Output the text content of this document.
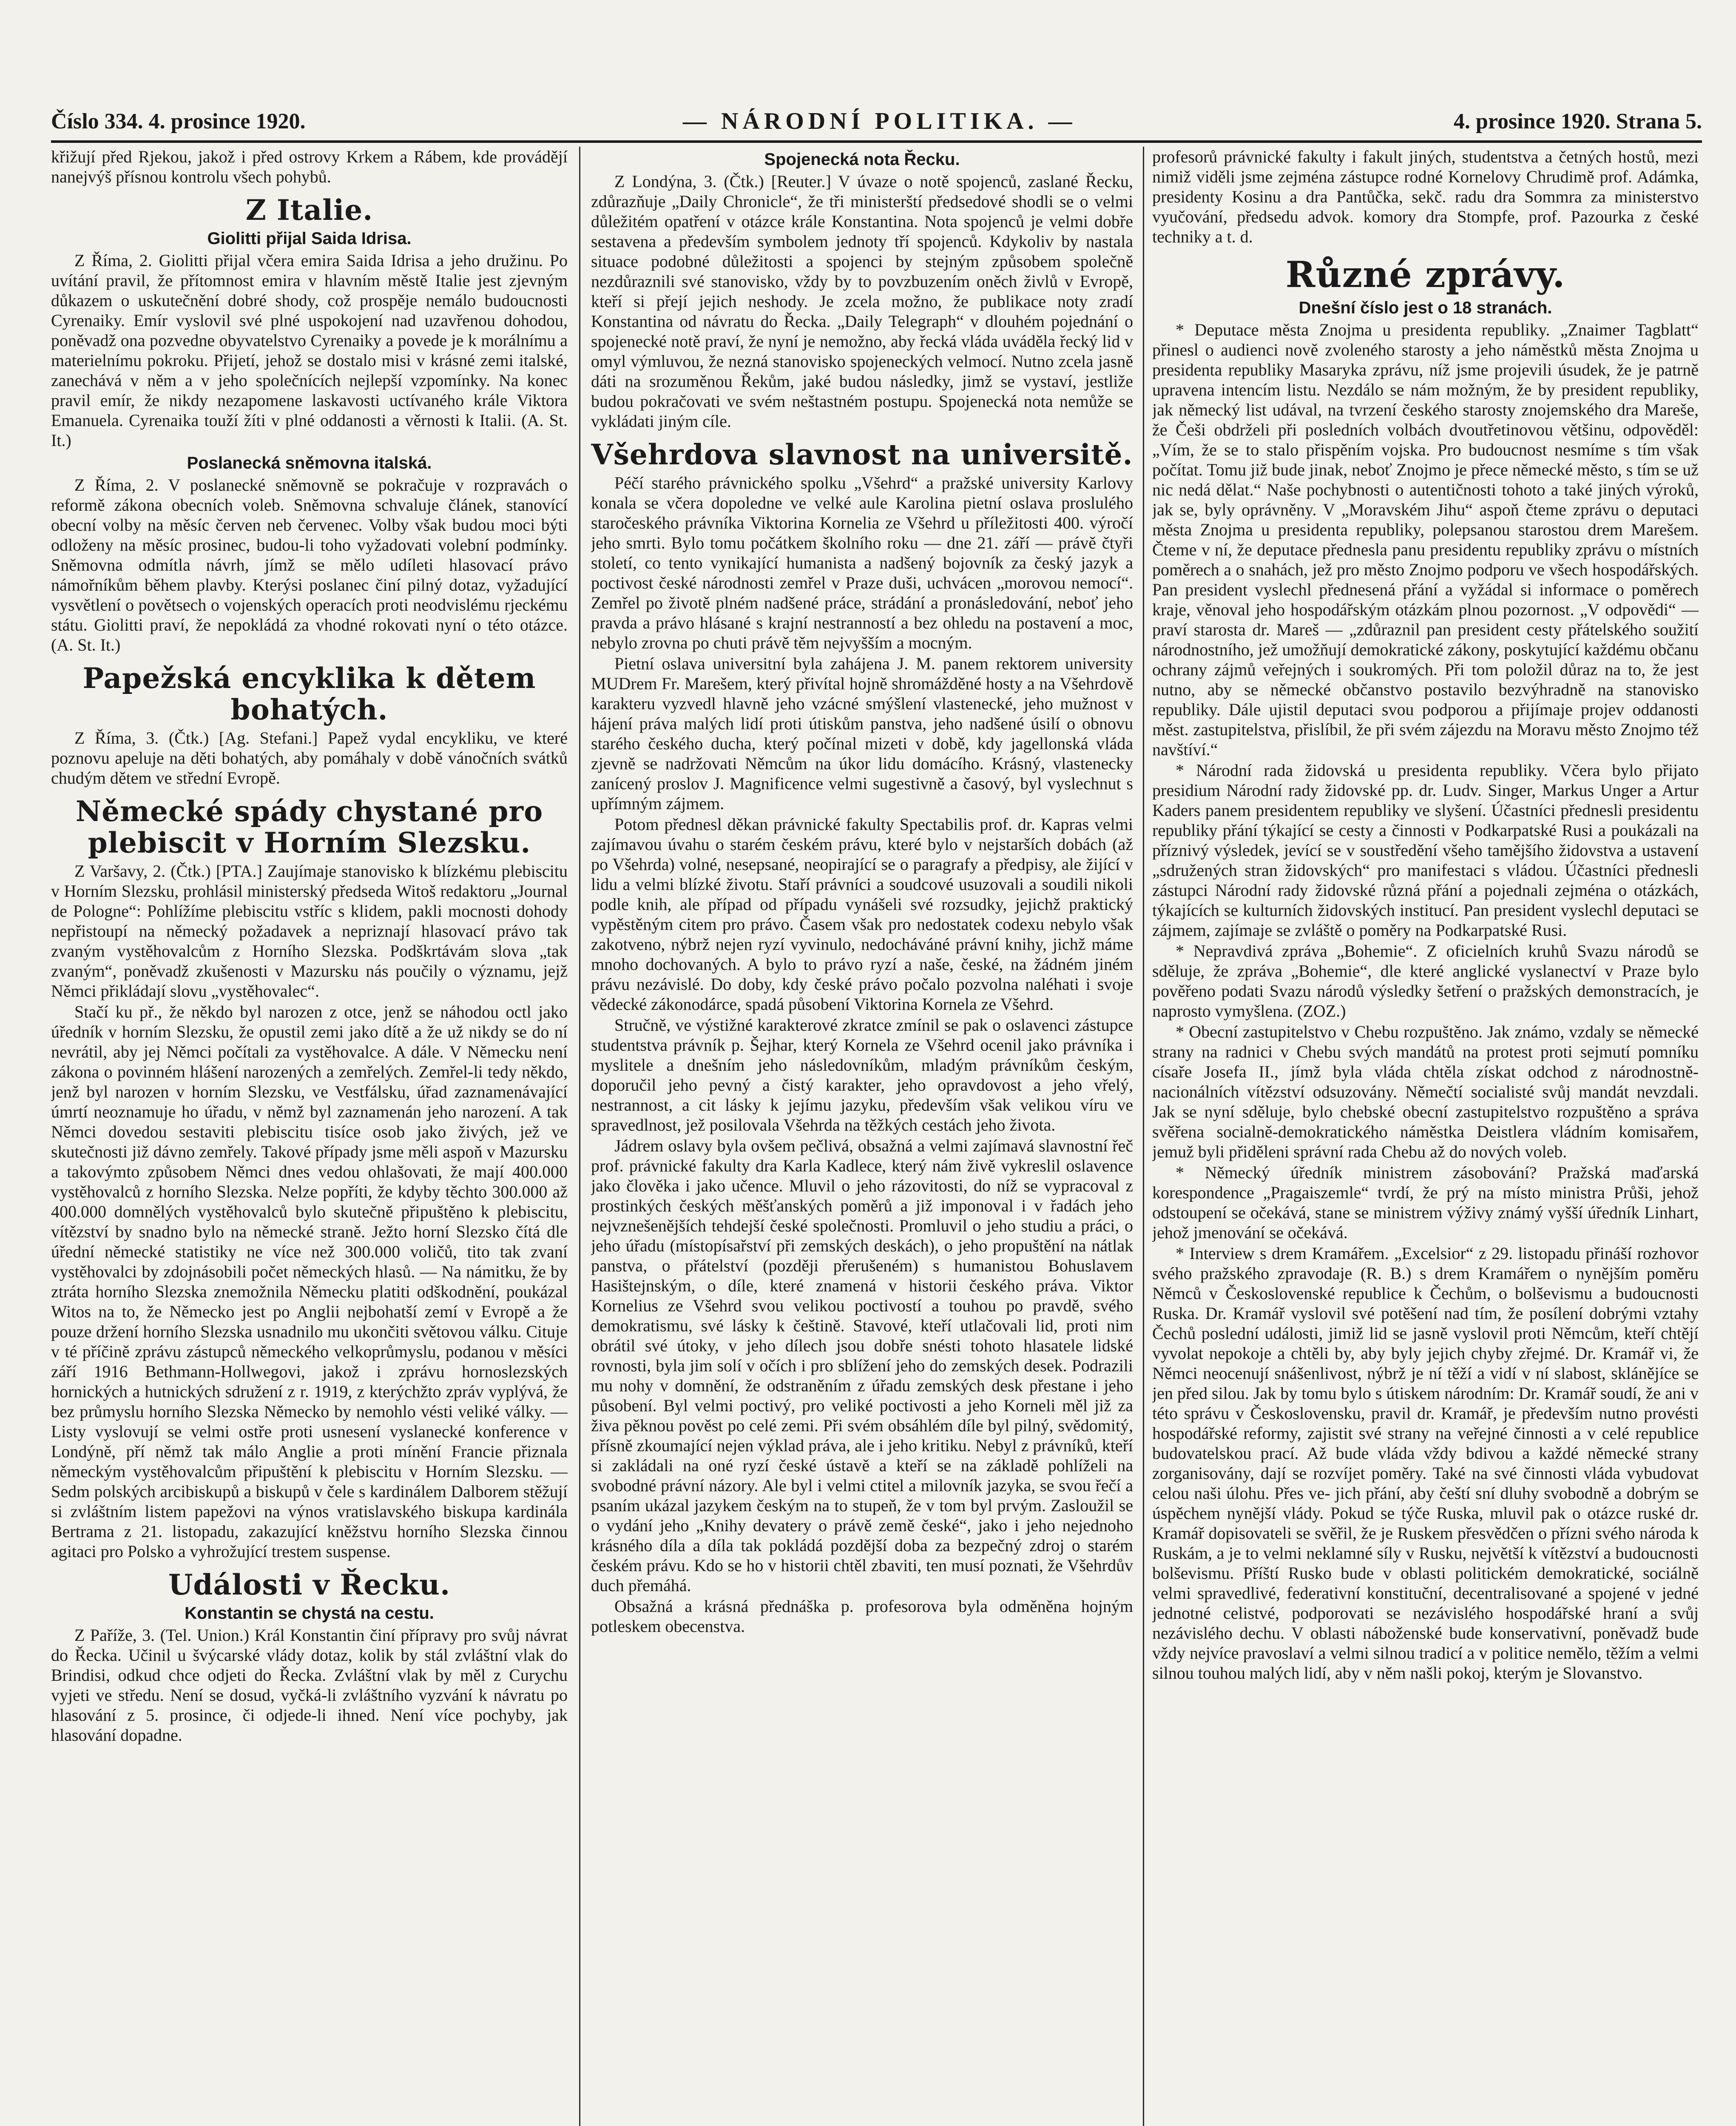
Číslo 334. 4. prosince 1920.	— NÁRODNÍ POLITIKA. —	4. prosince 1920. Strana 5.

křižují před Rjekou, jakož i před ostrovy Krkem a Rábem, kde provádějí nanejvýš přísnou kontrolu všech pohybů.

Z Italie.
Giolitti přijal Saida Idrisa.

Z Říma, 2. Giolitti přijal včera emira Saida Idrisa a jeho družinu. Po uvítání pravil, že přítomnost emira v hlavním městě Italie jest zjevným důkazem o uskutečnění dobré shody, což prospěje nemálo budoucnosti Cyrenaiky. Emír vyslovil své plné uspokojení nad uzavřenou dohodou, poněvadž ona pozvedne obyvatelstvo Cyrenaiky a povede je k morálnímu a materielnímu pokroku. Přijetí, jehož se dostalo misi v krásné zemi italské, zanechává v něm a v jeho společnících nejlepší vzpomínky. Na konec pravil emír, že nikdy nezapomene laskavosti uctívaného krále Viktora Emanuela. Cyrenaika touží žíti v plné oddanosti a věrnosti k Italii. (A. St. It.)

Poslanecká sněmovna italská.

Z Říma, 2. V poslanecké sněmovně se pokračuje v rozpravách o reformě zákona obecních voleb. Sněmovna schvaluje článek, stanovící obecní volby na měsíc červen neb červenec. Volby však budou moci býti odloženy na měsíc prosinec, budou-li toho vyžadovati volební podmínky. Sněmovna odmítla návrh, jímž se mělo udíleti hlasovací právo námořníkům během plavby. Kterýsi poslanec činí pilný dotaz, vyžadující vysvětlení o povětsech o vojenských operacích proti neodvislému rjeckému státu. Giolitti praví, že nepokládá za vhodné rokovati nyní o této otázce. (A. St. It.)

Papežská encyklika k dětem bohatých.

Z Říma, 3. (Čtk.) [Ag. Stefani.] Papež vydal encykliku, ve které poznovu apeluje na děti bohatých, aby pomáhaly v době vánočních svátků chudým dětem ve střední Evropě.

Německé spády chystané pro plebiscit v Horním Slezsku.

Z Varšavy, 2. (Čtk.) [PTA.] Zaujímaje stanovisko k blízkému plebiscitu v Horním Slezsku, prohlásil ministerský předseda Witoš redaktoru „Journal de Pologne“: Pohlížíme plebiscitu vstříc s klidem, pakli mocnosti dohody nepřistoupí na německý požadavek a nepriznají hlasovací právo tak zvaným vystěhovalcům z Horního Slezska. Podškrtávám slova „tak zvaným“, poněvadž zkušenosti v Mazursku nás poučily o významu, jejž Němci přikládají slovu „vystěhovalec“.

Stačí ku př., že někdo byl narozen z otce, jenž se náhodou octl jako úředník v horním Slezsku, že opustil zemi jako dítě a že už nikdy se do ní nevrátil, aby jej Němci počítali za vystěhovalce. A dále. V Německu není zákona o povinném hlášení narozených a zemřelých. Zemřel-li tedy někdo, jenž byl narozen v horním Slezsku, ve Vestfálsku, úřad zaznamenávající úmrtí neoznamuje ho úřadu, v němž byl zaznamenán jeho narození. A tak Němci dovedou sestaviti plebiscitu tisíce osob jako živých, jež ve skutečnosti již dávno zemřely. Takové případy jsme měli aspoň v Mazursku a takovýmto způsobem Němci dnes vedou ohlašovati, že mají 400.000 vystěhovalců z horního Slezska. Nelze popříti, že kdyby těchto 300.000 až 400.000 domnělých vystěhovalců bylo skutečně připuštěno k plebiscitu, vítězství by snadno bylo na německé straně. Ježto horní Slezsko čítá dle úřední německé statistiky ne více než 300.000 voličů, tito tak zvaní vystěhovalci by zdojnásobili počet německých hlasů. — Na námitku, že by ztráta horního Slezska znemožnila Německu platiti odškodnění, poukázal Witos na to, že Německo jest po Anglii nejbohatší zemí v Evropě a že pouze držení horního Slezska usnadnilo mu ukončiti světovou válku. Cituje v té příčině zprávu zástupců německého velkoprůmyslu, podanou v měsíci září 1916 Bethmann-Hollwegovi, jakož i zprávu hornoslezských hornických a hutnických sdružení z r. 1919, z kterýchžto zpráv vyplývá, že bez průmyslu horního Slezska Německo by nemohlo vésti veliké války. — Listy vyslovují se velmi ostře proti usnesení vyslanecké konference v Londýně, pří němž tak málo Anglie a proti mínění Francie přiznala německým vystěhovalcům připuštění k plebiscitu v Horním Slezsku. — Sedm polských arcibiskupů a biskupů v čele s kardinálem Dalborem stěžují si zvláštním listem papežovi na výnos vratislavského biskupa kardinála Bertrama z 21. listopadu, zakazující kněžstvu horního Slezska činnou agitaci pro Polsko a vyhrožující trestem suspense.

Události v Řecku.
Konstantin se chystá na cestu.

Z Paříže, 3. (Tel. Union.) Král Konstantin činí přípravy pro svůj návrat do Řecka. Učinil u švýcarské vlády dotaz, kolik by stál zvláštní vlak do Brindisi, odkud chce odjeti do Řecka. Zvláštní vlak by měl z Curychu vyjeti ve středu. Není se dosud, vyčká-li zvláštního vyzvání k návratu po hlasování z 5. prosince, či odjede-li ihned. Není více pochyby, jak hlasování dopadne.

Spojenecká nota Řecku.

Z Londýna, 3. (Čtk.) [Reuter.] V úvaze o notě spojenců, zaslané Řecku, zdůrazňuje „Daily Chronicle“, že tři ministerští předsedové shodli se o velmi důležitém opatření v otázce krále Konstantina. Nota spojenců je velmi dobře sestavena a především symbolem jednoty tří spojenců. Kdykoliv by nastala situace podobné důležitosti a spojenci by stejným způsobem společně nezdůraznili své stanovisko, vždy by to povzbuzením oněch živlů v Evropě, kteří si přejí jejich neshody. Je zcela možno, že publikace noty zradí Konstantina od návratu do Řecka. „Daily Telegraph“ v dlouhém pojednání o spojenecké notě praví, že nyní je nemožno, aby řecká vláda uváděla řecký lid v omyl výmluvou, že nezná stanovisko spojeneckých velmocí. Nutno zcela jasně dáti na srozuměnou Řekům, jaké budou následky, jimž se vystaví, jestliže budou pokračovati ve svém neštastném postupu. Spojenecká nota nemůže se vykládati jiným cíle.

Všehrdova slavnost na universitě.

Péčí starého právnického spolku „Všehrd“ a pražské university Karlovy konala se včera dopoledne ve velké aule Karolina pietní oslava proslulého staročeského právníka Viktorina Kornelia ze Všehrd u příležitosti 400. výročí jeho smrti. Bylo tomu počátkem školního roku — dne 21. září — právě čtyři století, co tento vynikající humanista a nadšený bojovník za český jazyk a poctivost české národnosti zemřel v Praze duši, uchvácen „morovou nemocí“. Zemřel po životě plném nadšené práce, strádání a pronásledování, neboť jeho pravda a právo hlásané s krajní nestranností a bez ohledu na postavení a moc, nebylo zrovna po chuti právě těm nejvyšším a mocným.

Pietní oslava universitní byla zahájena J. M. panem rektorem university MUDrem Fr. Marešem, který přivítal hojně shromážděné hosty a na Všehrdově karakteru vyzvedl hlavně jeho vzácné smýšlení vlastenecké, jeho mužnost v hájení práva malých lidí proti útiskům panstva, jeho nadšené úsilí o obnovu starého českého ducha, který počínal mizeti v době, kdy jagellonská vláda zjevně se nadržovati Němcům na úkor lidu domácího. Krásný, vlastenecky zanícený proslov J. Magnificence velmi sugestivně a časový, byl vyslechnut s upřímným zájmem.

Potom přednesl děkan právnické fakulty Spectabilis prof. dr. Kapras velmi zajímavou úvahu o starém českém právu, které bylo v nejstarších dobách (až po Všehrda) volné, nesepsané, neopirající se o paragrafy a předpisy, ale žijící v lidu a velmi blízké životu. Staří právníci a soudcové usuzovali a soudili nikoli podle knih, ale případ od případu vynášeli své rozsudky, jejichž praktický vypěstěným citem pro právo. Časem však pro nedostatek codexu nebylo však zakotveno, nýbrž nejen ryzí vyvinulo, nedocháváné právní knihy, jichž máme mnoho dochovaných. A bylo to právo ryzí a naše, české, na žádném jiném právu nezávislé. Do doby, kdy české právo počalo pozvolna naléhati i svoje vědecké zákonodárce, spadá působení Viktorina Kornela ze Všehrd.

Stručně, ve výstižné karakterové zkratce zmínil se pak o oslavenci zástupce studentstva právník p. Šejhar, který Kornela ze Všehrd ocenil jako právníka i myslitele a dnešním jeho následovníkům, mladým právníkům českým, doporučil jeho pevný a čistý karakter, jeho opravdovost a jeho vřelý, nestrannost, a cit lásky k jejímu jazyku, především však velikou víru ve spravedlnost, jež posilovala Všehrda na těžkých cestách jeho života.

Jádrem oslavy byla ovšem pečlivá, obsažná a velmi zajímavá slavnostní řeč prof. právnické fakulty dra Karla Kadlece, který nám živě vykreslil oslavence jako člověka i jako učence. Mluvil o jeho rázovitosti, do níž se vypracoval z prostinkých českých měšťanských poměrů a již imponoval i v řadách jeho nejvznešenějších tehdejší české společnosti. Promluvil o jeho studiu a práci, o jeho úřadu (místopísařství při zemských deskách), o jeho propuštění na nátlak panstva, o přátelství (později přerušeném) s humanistou Bohuslavem Hasištejnským, o díle, které znamená v historii českého práva. Viktor Kornelius ze Všehrd svou velikou poctivostí a touhou po pravdě, svého demokratismu, své lásky k češtině. Stavové, kteří utlačovali lid, proti nim obrátil své útoky, v jeho dílech jsou dobře snésti tohoto hlasatele lidské rovnosti, byla jim solí v očích i pro sblížení jeho do zemských desek. Podrazili mu nohy v domnění, že odstraněním z úřadu zemských desk přestane i jeho působení. Byl velmi poctivý, pro veliké poctivosti a jeho Korneli měl již za živa pěknou pověst po celé zemi. Při svém obsáhlém díle byl pilný, svědomitý, přísně zkoumající nejen výklad práva, ale i jeho kritiku. Nebyl z právníků, kteří si zakládali na oné ryzí české ústavě a kteří se na základě pohlíželi na svobodné právní názory. Ale byl i velmi ctitel a milovník jazyka, se svou řečí a psaním ukázal jazykem českým na to stupeň, že v tom byl prvým. Zasloužil se o vydání jeho „Knihy devatery o právě země české“, jako i jeho nejednoho krásného díla a díla tak pokládá pozdější doba za bezpečný zdroj o starém českém právu. Kdo se ho v historii chtěl zbaviti, ten musí poznati, že Všehrdův duch přemáhá.

Obsažná a krásná přednáška p. profesorova byla odměněna hojným potleskem obecenstva.

profesorů právnické fakulty i fakult jiných, studentstva a četných hostů, mezi nimiž viděli jsme zejména zástupce rodné Kornelovy Chrudimě prof. Adámka, presidenty Kosinu a dra Pantůčka, sekč. radu dra Sommra za ministerstvo vyučování, předsedu advok. komory dra Stompfe, prof. Pazourka z české techniky a t. d.

Různé zprávy.
Dnešní číslo jest o 18 stranách.

* Deputace města Znojma u presidenta republiky. „Znaimer Tagblatt“ přinesl o audienci nově zvoleného starosty a jeho náměstků města Znojma u presidenta republiky Masaryka zprávu, níž jsme projevili úsudek, že je patrně upravena intencím listu. Nezdálo se nám možným, že by president republiky, jak německý list udával, na tvrzení českého starosty znojemského dra Mareše, že Češi obdrželi při posledních volbách dvoutřetinovou většinu, odpověděl: „Vím, že se to stalo přispěním vojska. Pro budoucnost nesmíme s tím však počítat. Tomu již bude jinak, neboť Znojmo je přece německé město, s tím se už nic nedá dělat.“ Naše pochybnosti o autentičnosti tohoto a také jiných výroků, jak se, byly oprávněny. V „Moravském Jihu“ aspoň čteme zprávu o deputaci města Znojma u presidenta republiky, polepsanou starostou drem Marešem. Čteme v ní, že deputace přednesla panu presidentu republiky zprávu o místních poměrech a o snahách, jež pro město Znojmo podporu ve všech hospodářských. Pan president vyslechl přednesená přání a vyžádal si informace o poměrech kraje, věnoval jeho hospodářským otázkám plnou pozornost. „V odpovědi“ — praví starosta dr. Mareš — „zdůraznil pan president cesty přátelského soužití národnostního, jež umožňují demokratické zákony, poskytující každému občanu ochrany zájmů veřejných i soukromých. Při tom položil důraz na to, že jest nutno, aby se německé občanstvo postavilo bezvýhradně na stanovisko republiky. Dále ujistil deputaci svou podporou a přijímaje projev oddanosti měst. zastupitelstva, přislíbil, že při svém zájezdu na Moravu město Znojmo též navštíví.“

* Národní rada židovská u presidenta republiky. Včera bylo přijato presidium Národní rady židovské pp. dr. Ludv. Singer, Markus Unger a Artur Kaders panem presidentem republiky ve slyšení. Účastníci přednesli presidentu republiky přání týkající se cesty a činnosti v Podkarpatské Rusi a poukázali na příznivý výsledek, jevící se v soustředění všeho tamějšího židovstva a ustavení „sdružených stran židovských“ pro manifestaci s vládou. Účastníci přednesli zástupci Národní rady židovské různá přání a pojednali zejména o otázkách, týkajících se kulturních židovských institucí. Pan president vyslechl deputaci se zájmem, zajímaje se zvláště o poměry na Podkarpatské Rusi.

* Nepravdivá zpráva „Bohemie“. Z oficielních kruhů Svazu národů se sděluje, že zpráva „Bohemie“, dle které anglické vyslanectví v Praze bylo pověřeno podati Svazu národů výsledky šetření o pražských demonstracích, je naprosto vymyšlena. (ZOZ.)

* Obecní zastupitelstvo v Chebu rozpuštěno. Jak známo, vzdaly se německé strany na radnici v Chebu svých mandátů na protest proti sejmutí pomníku císaře Josefa II., jímž byla vláda chtěla získat odchod z národnostně-nacionálních vítězství odsuzovány. Němečtí socialisté svůj mandát nevzdali. Jak se nyní sděluje, bylo chebské obecní zastupitelstvo rozpuštěno a správa svěřena socialně-demokratického náměstka Deistlera vládním komisařem, jemuž byli přiděleni správní rada Chebu až do nových voleb.

* Německý úředník ministrem zásobování? Pražská maďarská korespondence „Pragaiszemle“ tvrdí, že prý na místo ministra Průši, jehož odstoupení se očekává, stane se ministrem výživy známý vyšší úředník Linhart, jehož jmenování se očekává.

* Interview s drem Kramářem. „Excelsior“ z 29. listopadu přináší rozhovor svého pražského zpravodaje (R. B.) s drem Kramářem o nynějším poměru Němců v Československé republice k Čechům, o bolševismu a budoucnosti Ruska. Dr. Kramář vyslovil své potěšení nad tím, že posílení dobrými vztahy Čechů poslední události, jimiž lid se jasně vyslovil proti Němcům, kteří chtějí vyvolat nepokoje a chtěli by, aby byly jejich chyby zřejmé. Dr. Kramář vi, že Němci neocenují snášenlivost, nýbrž je ní těží a vidí v ní slabost, sklánějíce se jen před silou. Jak by tomu bylo s útiskem národním: Dr. Kramář soudí, že ani v této správu v Československu, pravil dr. Kramář, je především nutno provésti hospodářské reformy, zajistit své strany na veřejné činnosti a v celé republice budovatelskou prací. Až bude vláda vždy bdivou a každé německé strany zorganisovány, dají se rozvíjet poměry. Také na své činnosti vláda vybudovat celou naši úlohu. Přes ve- jich přání, aby čeští sní dluhy svobodně a dobrým se úspěchem nynější vlády. Pokud se týče Ruska, mluvil pak o otázce ruské dr. Kramář dopisovateli se svěřil, že je Ruskem přesvědčen o přízni svého národa k Ruskám, a je to velmi neklamné síly v Rusku, největší k vítězství a budoucnosti bolševismu. Příští Rusko bude v oblasti politickém demokratické, sociálně velmi spravedlivé, federativní konstituční, decentralisované a spojené v jedné jednotné celistvé, podporovati se nezávislého hospodářské hraní a svůj nezávislého dechu. V oblasti náboženské bude konservativní, poněvadž bude vždy nejvíce pravoslaví a velmi silnou tradicí a v politice nemělo, těžím a velmi silnou touhou malých lidí, aby v něm našli pokoj, kterým je Slovanstvo.
